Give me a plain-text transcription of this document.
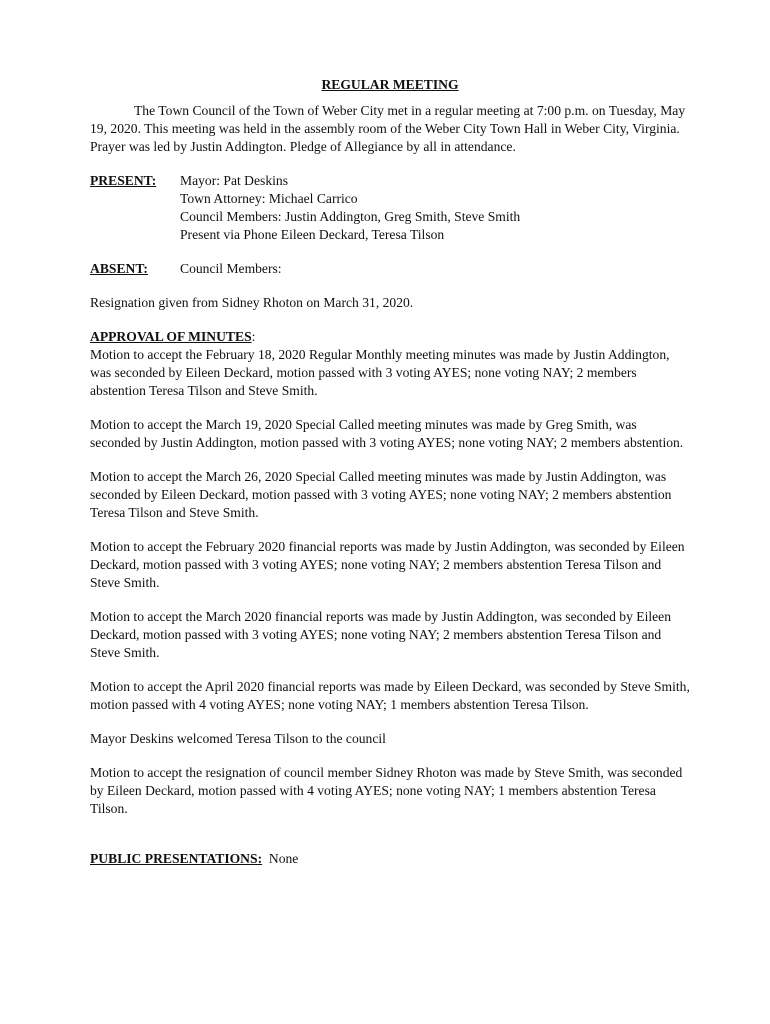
REGULAR MEETING

The Town Council of the Town of Weber City met in a regular meeting at 7:00 p.m. on Tuesday, May 19, 2020. This meeting was held in the assembly room of the Weber City Town Hall in Weber City, Virginia. Prayer was led by Justin Addington. Pledge of Allegiance by all in attendance.

PRESENT:	Mayor: Pat Deskins
Town Attorney: Michael Carrico
Council Members: Justin Addington, Greg Smith, Steve Smith
Present via Phone Eileen Deckard, Teresa Tilson
ABSENT:	Council Members:

Resignation given from Sidney Rhoton on March 31, 2020.

APPROVAL OF MINUTES:

Motion to accept the February 18, 2020 Regular Monthly meeting minutes was made by Justin Addington, was seconded by Eileen Deckard, motion passed with 3 voting AYES; none voting NAY; 2 members abstention Teresa Tilson and Steve Smith.

Motion to accept the March 19, 2020 Special Called meeting minutes was made by Greg Smith, was seconded by Justin Addington, motion passed with 3 voting AYES; none voting NAY; 2 members abstention.

Motion to accept the March 26, 2020 Special Called meeting minutes was made by Justin Addington, was seconded by Eileen Deckard, motion passed with 3 voting AYES; none voting NAY; 2 members abstention Teresa Tilson and Steve Smith.

Motion to accept the February 2020 financial reports was made by Justin Addington, was seconded by Eileen Deckard, motion passed with 3 voting AYES; none voting NAY; 2 members abstention Teresa Tilson and Steve Smith.

Motion to accept the March 2020 financial reports was made by Justin Addington, was seconded by Eileen Deckard, motion passed with 3 voting AYES; none voting NAY; 2 members abstention Teresa Tilson and Steve Smith.

Motion to accept the April 2020 financial reports was made by Eileen Deckard, was seconded by Steve Smith, motion passed with 4 voting AYES; none voting NAY; 1 members abstention Teresa Tilson.

Mayor Deskins welcomed Teresa Tilson to the council

Motion to accept the resignation of council member Sidney Rhoton was made by Steve Smith, was seconded by Eileen Deckard, motion passed with 4 voting AYES; none voting NAY; 1 members abstention Teresa Tilson.

PUBLIC PRESENTATIONS: None
